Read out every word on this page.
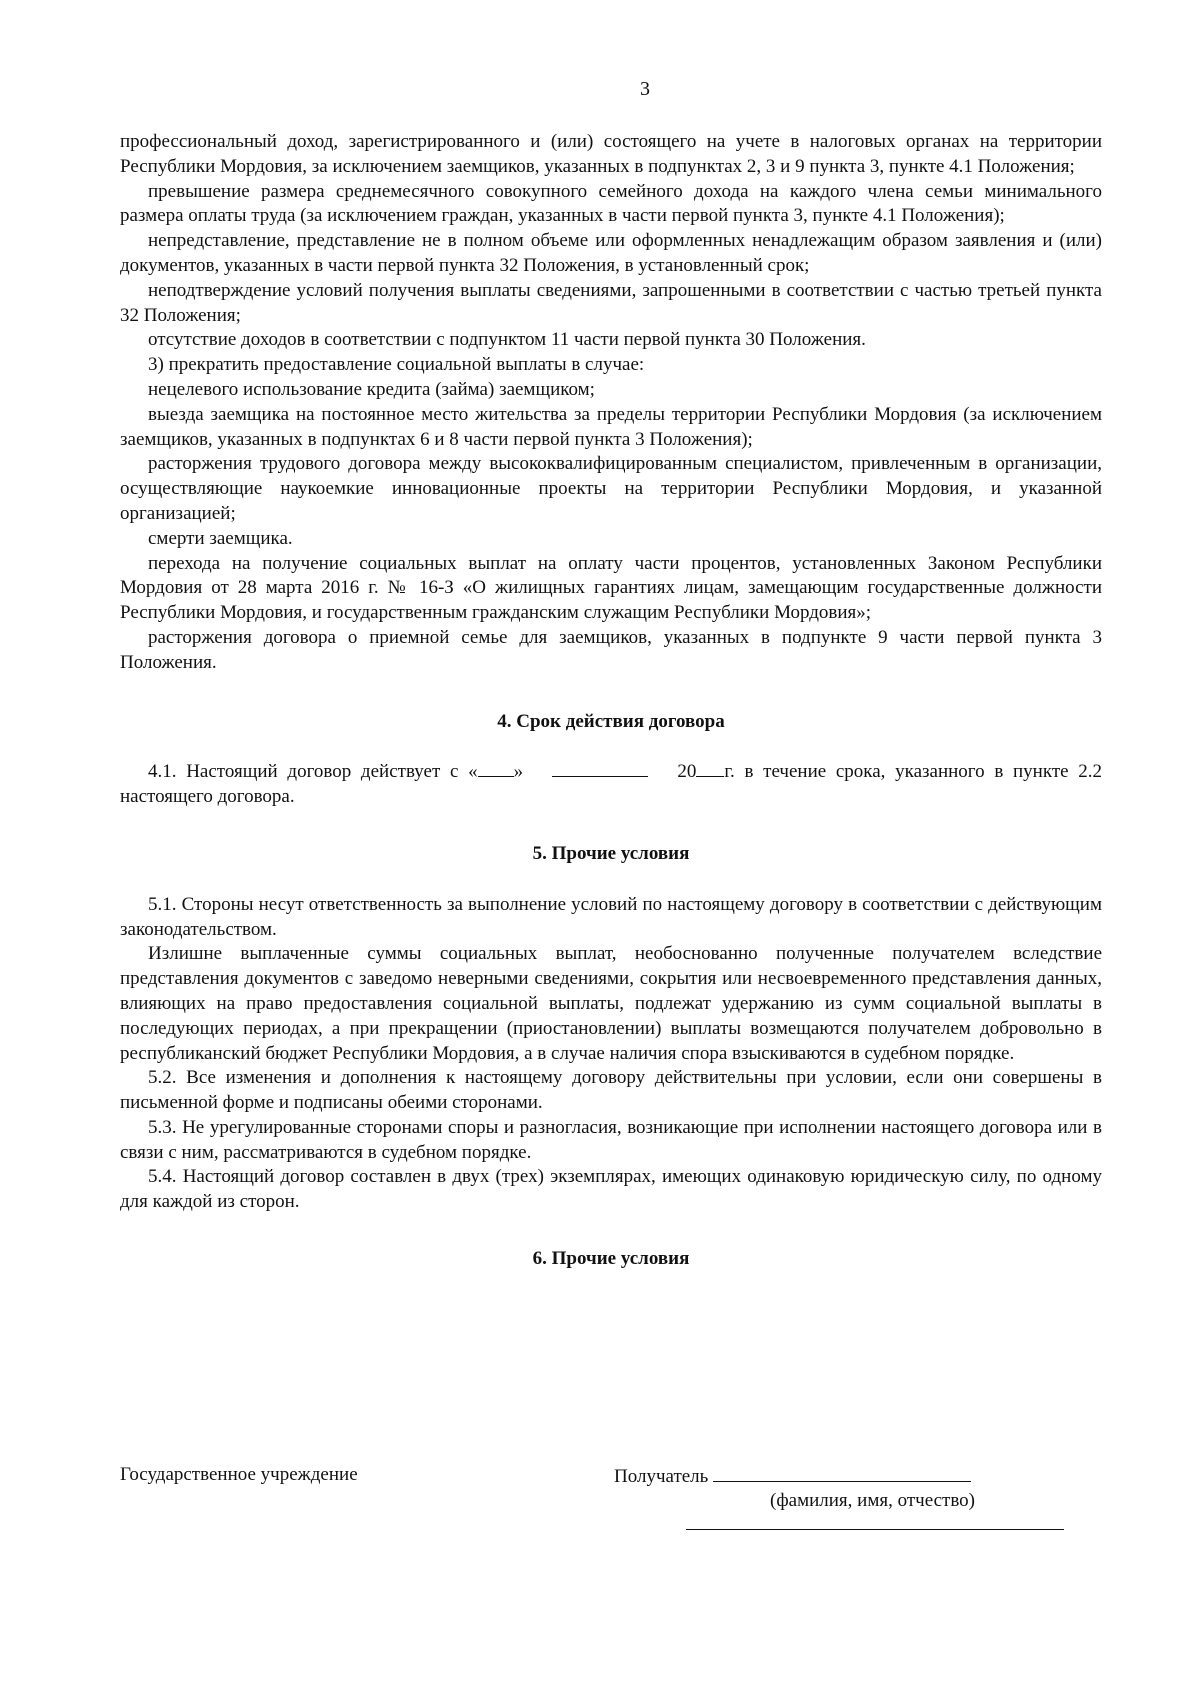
3

профессиональный доход, зарегистрированного и (или) состоящего на учете в налоговых органах на территории Республики Мордовия, за исключением заемщиков, указанных в подпунктах 2, 3 и 9 пункта 3, пункте 4.1 Положения;

превышение размера среднемесячного совокупного семейного дохода на каждого члена семьи минимального размера оплаты труда (за исключением граждан, указанных в части первой пункта 3, пункте 4.1 Положения);

непредставление, представление не в полном объеме или оформленных ненадлежащим образом заявления и (или) документов, указанных в части первой пункта 32 Положения, в установленный срок;

неподтверждение условий получения выплаты сведениями, запрошенными в соответствии с частью третьей пункта 32 Положения;

отсутствие доходов в соответствии с подпунктом 11 части первой пункта 30 Положения.

3) прекратить предоставление социальной выплаты в случае:

нецелевого использование кредита (займа) заемщиком;

выезда заемщика на постоянное место жительства за пределы территории Республики Мордовия (за исключением заемщиков, указанных в подпунктах 6 и 8 части первой пункта 3 Положения);

расторжения трудового договора между высококвалифицированным специалистом, привлеченным в организации, осуществляющие наукоемкие инновационные проекты на территории Республики Мордовия, и указанной организацией;

смерти заемщика.

перехода на получение социальных выплат на оплату части процентов, установленных Законом Республики Мордовия от 28 марта 2016 г. № 16-З «О жилищных гарантиях лицам, замещающим государственные должности Республики Мордовия, и государственным гражданским служащим Республики Мордовия»;

расторжения договора о приемной семье для заемщиков, указанных в подпункте 9 части первой пункта 3 Положения.

4. Срок действия договора

4.1. Настоящий договор действует с « »	20 г. в течение срока, указанного в пункте 2.2 настоящего договора.

5. Прочие условия

5.1. Стороны несут ответственность за выполнение условий по настоящему договору в соответствии с действующим законодательством.

Излишне выплаченные суммы социальных выплат, необоснованно полученные получателем вследствие представления документов с заведомо неверными сведениями, сокрытия или несвоевременного представления данных, влияющих на право предоставления социальной выплаты, подлежат удержанию из сумм социальной выплаты в последующих периодах, а при прекращении (приостановлении) выплаты возмещаются получателем добровольно в республиканский бюджет Республики Мордовия, а в случае наличия спора взыскиваются в судебном порядке.

5.2. Все изменения и дополнения к настоящему договору действительны при условии, если они совершены в письменной форме и подписаны обеими сторонами.

5.3. Не урегулированные сторонами споры и разногласия, возникающие при исполнении настоящего договора или в связи с ним, рассматриваются в судебном порядке.

5.4. Настоящий договор составлен в двух (трех) экземплярах, имеющих одинаковую юридическую силу, по одному для каждой из сторон.

6. Прочие условия
Государственное учреждение	Получатель
(фамилия, имя, отчество)
